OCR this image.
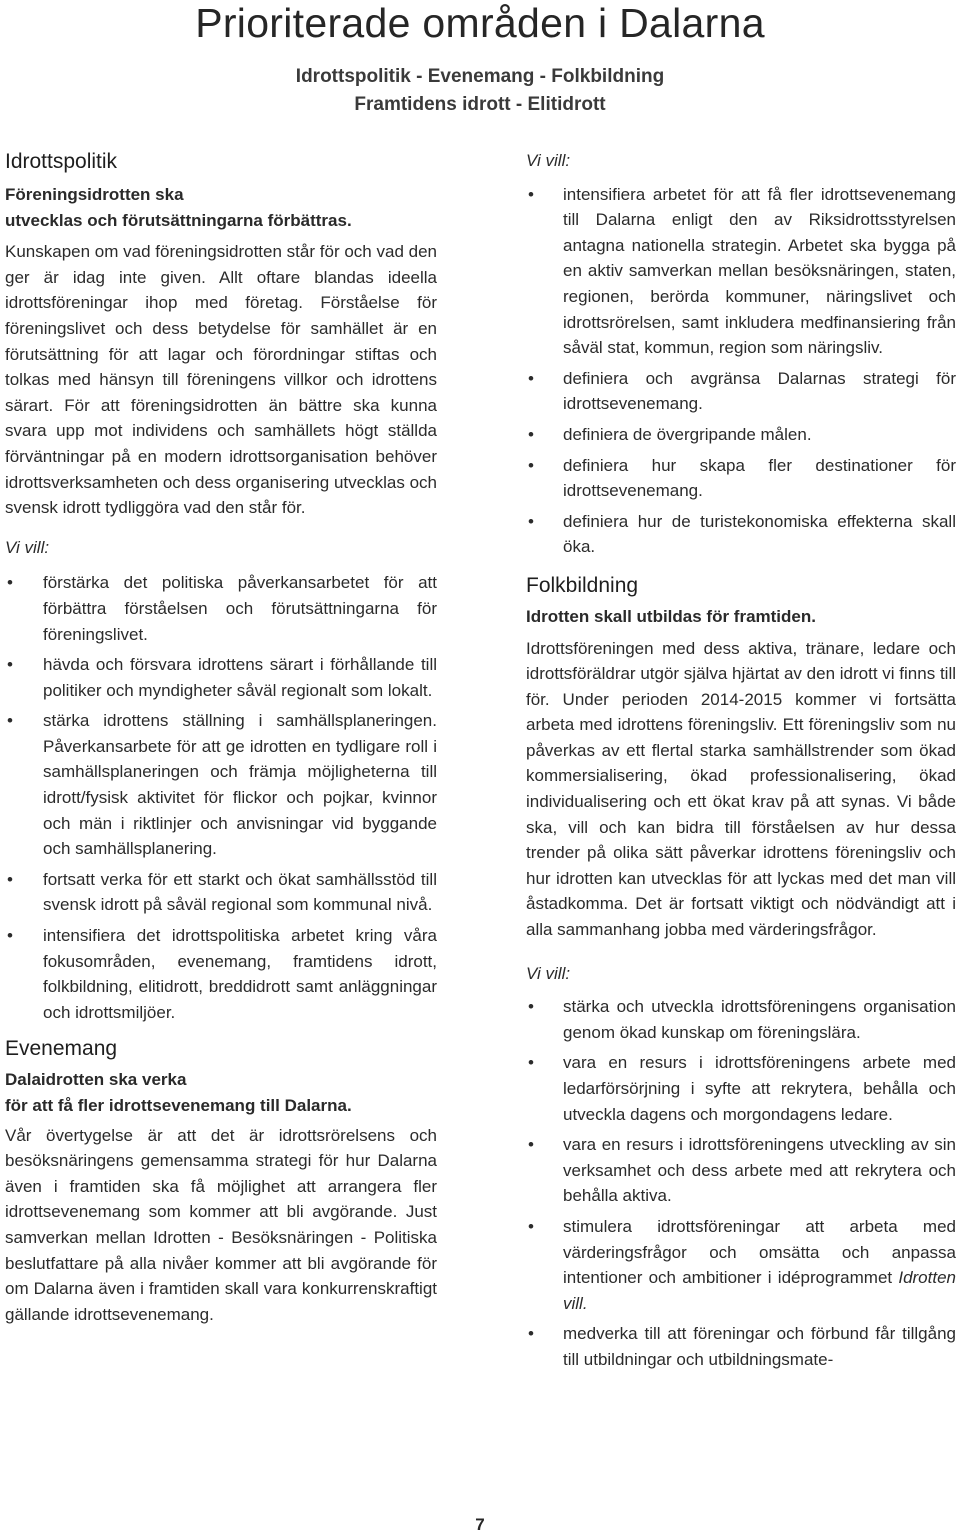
Prioriterade områden i Dalarna
Idrottspolitik - Evenemang - Folkbildning
Framtidens idrott - Elitidrott
Idrottspolitik
Föreningsidrotten ska
utvecklas och förutsättningarna förbättras.

Kunskapen om vad föreningsidrotten står för och vad den ger är idag inte given. Allt oftare blandas ideella idrottsföreningar ihop med företag. Förståelse för föreningslivet och dess betydelse för samhället är en förutsättning för att lagar och förordningar stiftas och tolkas med hänsyn till föreningens villkor och idrottens särart. För att föreningsidrotten än bättre ska kunna svara upp mot individens och samhällets högt ställda förväntningar på en modern idrottsorganisation behöver idrottsverksamheten och dess organisering utvecklas och svensk idrott tydliggöra vad den står för.

Vi vill:
• förstärka det politiska påverkansarbetet för att förbättra förståelsen och förutsättningarna för föreningslivet.
• hävda och försvara idrottens särart i förhållande till politiker och myndigheter såväl regionalt som lokalt.
• stärka idrottens ställning i samhällsplaneringen. Påverkansarbete för att ge idrotten en tydligare roll i samhällsplaneringen och främja möjligheterna till idrott/fysisk aktivitet för flickor och pojkar, kvinnor och män i riktlinjer och anvisningar vid byggande och samhällsplanering.
• fortsatt verka för ett starkt och ökat samhällsstöd till svensk idrott på såväl regional som kommunal nivå.
• intensifiera det idrottspolitiska arbetet kring våra fokusområden, evenemang, framtidens idrott, folkbildning, elitidrott, breddidrott samt anläggningar och idrottsmiljöer.
Evenemang
Dalaidrotten ska verka
för att få fler idrottsevenemang till Dalarna.

Vår övertygelse är att det är idrottsrörelsens och besöksnäringens gemensamma strategi för hur Dalarna även i framtiden ska få möjlighet att arrangera fler idrottsevenemang som kommer att bli avgörande. Just samverkan mellan Idrotten - Besöksnäringen - Politiska beslutfattare på alla nivåer kommer att bli avgörande för om Dalarna även i framtiden skall vara konkurrenskraftigt gällande idrottsevenemang.

Vi vill:
• intensifiera arbetet för att få fler idrottsevenemang till Dalarna enligt den av Riksidrottsstyrelsen antagna nationella strategin. Arbetet ska bygga på en aktiv samverkan mellan besöksnäringen, staten, regionen, berörda kommuner, näringslivet och idrottsrörelsen, samt inkludera medfinansiering från såväl stat, kommun, region som näringsliv.
• definiera och avgränsa Dalarnas strategi för idrottsevenemang.
• definiera de övergripande målen.
• definiera hur skapa fler destinationer för idrottsevenemang.
• definiera hur de turistekonomiska effekterna skall öka.
Folkbildning
Idrotten skall utbildas för framtiden.

Idrottsföreningen med dess aktiva, tränare, ledare och idrottsföräldrar utgör själva hjärtat av den idrott vi finns till för. Under perioden 2014-2015 kommer vi fortsätta arbeta med idrottens föreningsliv. Ett föreningsliv som nu påverkas av ett flertal starka samhällstrender som ökad kommersialisering, ökad professionalisering, ökad individualisering och ett ökat krav på att synas. Vi både ska, vill och kan bidra till förståelsen av hur dessa trender på olika sätt påverkar idrottens föreningsliv och hur idrotten kan utvecklas för att lyckas med det man vill åstadkomma. Det är fortsatt viktigt och nödvändigt att i alla sammanhang jobba med värderingsfrågor.

Vi vill:
• stärka och utveckla idrottsföreningens organisation genom ökad kunskap om föreningslära.
• vara en resurs i idrottsföreningens arbete med ledarförsörjning i syfte att rekrytera, behålla och utveckla dagens och morgondagens ledare.
• vara en resurs i idrottsföreningens utveckling av sin verksamhet och dess arbete med att rekrytera och behålla aktiva.
• stimulera idrottsföreningar att arbeta med värderingsfrågor och omsätta och anpassa intentioner och ambitioner i idéprogrammet Idrotten vill.
• medverka till att föreningar och förbund får tillgång till utbildningar och utbildningsmate-
7
